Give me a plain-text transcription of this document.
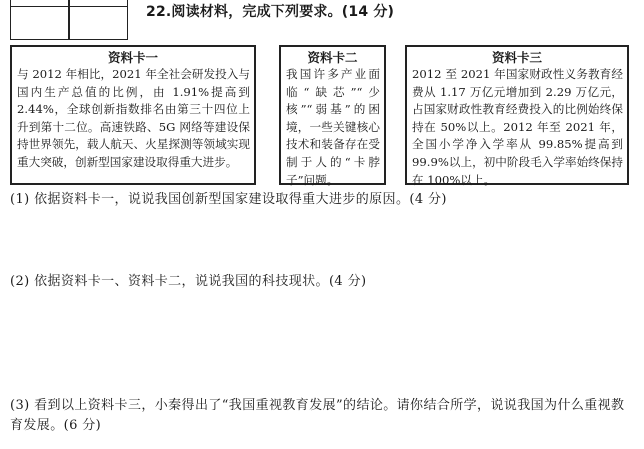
22.阅读材料，完成下列要求。(14 分)
资料卡一
与 2012 年相比，2021 年全社会研发投入与国内生产总值的比例，由 1.91%提高到 2.44%，全球创新指数排名由第三十四位上升到第十二位。高速铁路、5G 网络等建设保持世界领先，载人航天、火星探测等领域实现重大突破，创新型国家建设取得重大进步。
资料卡二
我国许多产业面临“缺芯”“少核”“弱基”的困境，一些关键核心技术和装备存在受制于人的“卡脖子”问题。
资料卡三
2012 至 2021 年国家财政性义务教育经费从 1.17 万亿元增加到 2.29 万亿元，占国家财政性教育经费投入的比例始终保持在 50%以上。2012 年至 2021 年，全国小学净入学率从 99.85%提高到 99.9%以上，初中阶段毛入学率始终保持在 100%以上。
(1) 依据资料卡一，说说我国创新型国家建设取得重大进步的原因。(4 分)
(2) 依据资料卡一、资料卡二，说说我国的科技现状。(4 分)
(3) 看到以上资料卡三，小秦得出了“我国重视教育发展”的结论。请你结合所学，说说我国为什么重视教育发展。(6 分)
